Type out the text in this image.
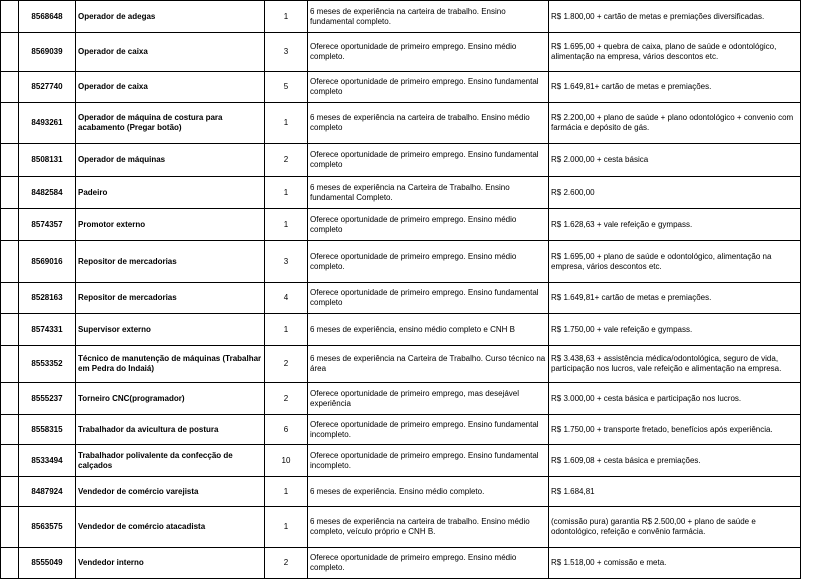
	8568648	Operador de adegas	1	6 meses de experiência na carteira de trabalho. Ensino fundamental completo.	R$ 1.800,00 + cartão de metas e premiações diversificadas.
	8569039	Operador de caixa	3	Oferece oportunidade de primeiro emprego. Ensino médio completo.	R$ 1.695,00 + quebra de caixa, plano de saúde e odontológico, alimentação na empresa, vários descontos etc.
	8527740	Operador de caixa	5	Oferece oportunidade de primeiro emprego. Ensino fundamental completo	R$ 1.649,81+ cartão de metas e premiações.
	8493261	Operador de máquina de costura para acabamento (Pregar botão)	1	6 meses de experiência na carteira de trabalho. Ensino médio completo	R$ 2.200,00 + plano de saúde + plano odontológico + convenio com farmácia e depósito de gás.
	8508131	Operador de máquinas	2	Oferece oportunidade de primeiro emprego. Ensino fundamental completo	R$ 2.000,00 + cesta básica
	8482584	Padeiro	1	6 meses de experiência na Carteira de Trabalho. Ensino fundamental Completo.	R$ 2.600,00
	8574357	Promotor externo	1	Oferece oportunidade de primeiro emprego. Ensino médio completo	R$ 1.628,63 + vale refeição e gympass.
	8569016	Repositor de mercadorias	3	Oferece oportunidade de primeiro emprego. Ensino médio completo.	R$ 1.695,00 + plano de saúde e odontológico, alimentação na empresa, vários descontos etc.
	8528163	Repositor de mercadorias	4	Oferece oportunidade de primeiro emprego. Ensino fundamental completo	R$ 1.649,81+ cartão de metas e premiações.
	8574331	Supervisor externo	1	6 meses de experiência, ensino médio completo e CNH B	R$ 1.750,00 + vale refeição e gympass.
	8553352	Técnico de manutenção de máquinas (Trabalhar em Pedra do Indaiá)	2	6 meses de experiência na Carteira de Trabalho. Curso técnico na área	R$ 3.438,63 + assistência médica/odontológica, seguro de vida, participação nos lucros, vale refeição e alimentação na empresa.
	8555237	Torneiro CNC(programador)	2	Oferece oportunidade de primeiro emprego, mas desejável experiência	R$ 3.000,00 + cesta básica e participação nos lucros.
	8558315	Trabalhador da avicultura de postura	6	Oferece oportunidade de primeiro emprego. Ensino fundamental incompleto.	R$ 1.750,00 + transporte fretado, benefícios após experiência.
	8533494	Trabalhador polivalente da confecção de calçados	10	Oferece oportunidade de primeiro emprego. Ensino fundamental incompleto.	R$ 1.609,08 + cesta básica e premiações.
	8487924	Vendedor de comércio varejista	1	6 meses de experiência. Ensino médio completo.	R$ 1.684,81
	8563575	Vendedor de comércio atacadista	1	6 meses de experiência na carteira de trabalho. Ensino médio completo, veículo próprio e CNH B.	(comissão pura) garantia R$ 2.500,00 + plano de saúde e odontológico, refeição e convênio farmácia.
	8555049	Vendedor interno	2	Oferece oportunidade de primeiro emprego. Ensino médio completo.	R$ 1.518,00 + comissão e meta.
